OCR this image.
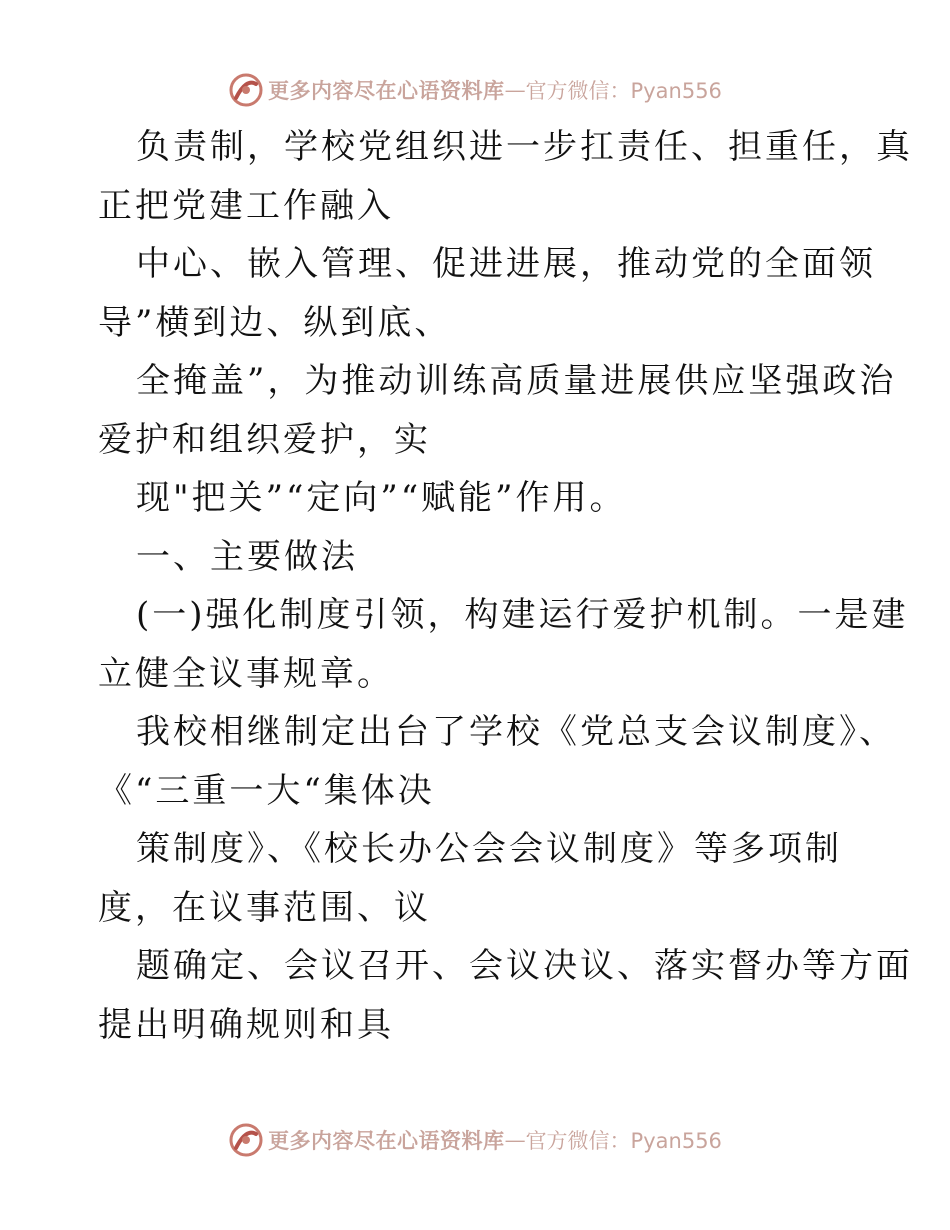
更多内容尽在心语资料库 — 官方微信：Pyan556
负责制，学校党组织进一步扛责任、担重任，真
正把党建工作融入
中心、嵌入管理、促进进展，推动党的全面领
导”横到边、纵到底、
全掩盖”，为推动训练高质量进展供应坚强政治
爱护和组织爱护，实
现"把关”“定向”“赋能”作用。
一、主要做法
(一)强化制度引领，构建运行爱护机制。一是建
立健全议事规章。
我校相继制定出台了学校《党总支会议制度》、
《“三重一大“集体决
策制度》、《校长办公会会议制度》等多项制
度，在议事范围、议
题确定、会议召开、会议决议、落实督办等方面
提出明确规则和具
更多内容尽在心语资料库 — 官方微信：Pyan556
